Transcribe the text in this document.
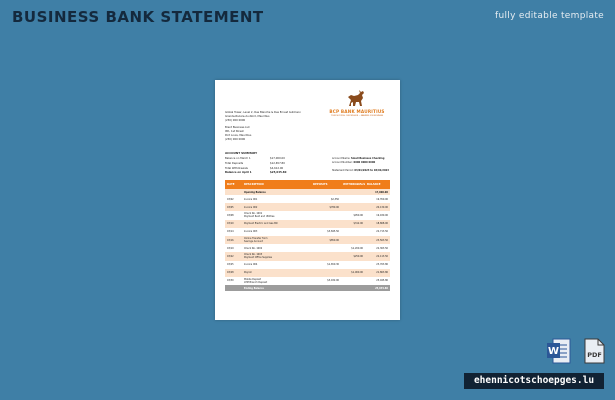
BUSINESS BANK STATEMENT	fully editable template
Global Tower, Level 2, Rue Blanche & Rue Ernest Gutmann
Grande-Rivière-du-Nord, Mauritius
(230) 000 0000
Brent Business LLC
9th, 1st Street
Port Louis, Mauritius
(230) 000 0000
BCP BANK MAURITIUS
YOUR SUCCESS, OUR MISSION — BANKING FOR BUSINESS
ACCOUNT SUMMARY
Balance on March 1	$17,000.00
Total Deposits	$12,657.80
Total Withdrawals	$4,612.00
Balance on April 1	$25,045.80
Account Name: Small Business Checking
Account Number: 0000 0000 0000
Statement Period: 03/01/2023 to 04/01/2023
DATE	DESCRIPTION	DEPOSITS	WITHDRAWALS	BALANCE
	Opening Balance			17,000.00
03/02	Invoice 001	$2,350		19,350.00
03/05	Invoice 002	$780.00		20,130.00
03/08	Check No. 1001
Payment Rent and Utilities		$950.00	19,180.00
03/10	Payment Electric and Gas Bill		$312.00	18,868.00
03/14	Invoice 003	$3,845.50		22,713.50
03/16	Online Transfer from
Savings Account	$850.00		23,563.50
03/19	Check No. 1002		$1,200.00	22,363.50
03/22	Check No. 1003
Payment Office Supplies		$250.00	22,113.50
03/25	Invoice 004	$1,650.30		23,763.80
03/28	Payroll		$1,900.00	21,863.80
03/30	Mobile Deposit
ATM Branch Deposit	$3,182.00		25,045.80
	Ending Balance			25,045.80
W	PDF
ehennicotschoepges.lu
